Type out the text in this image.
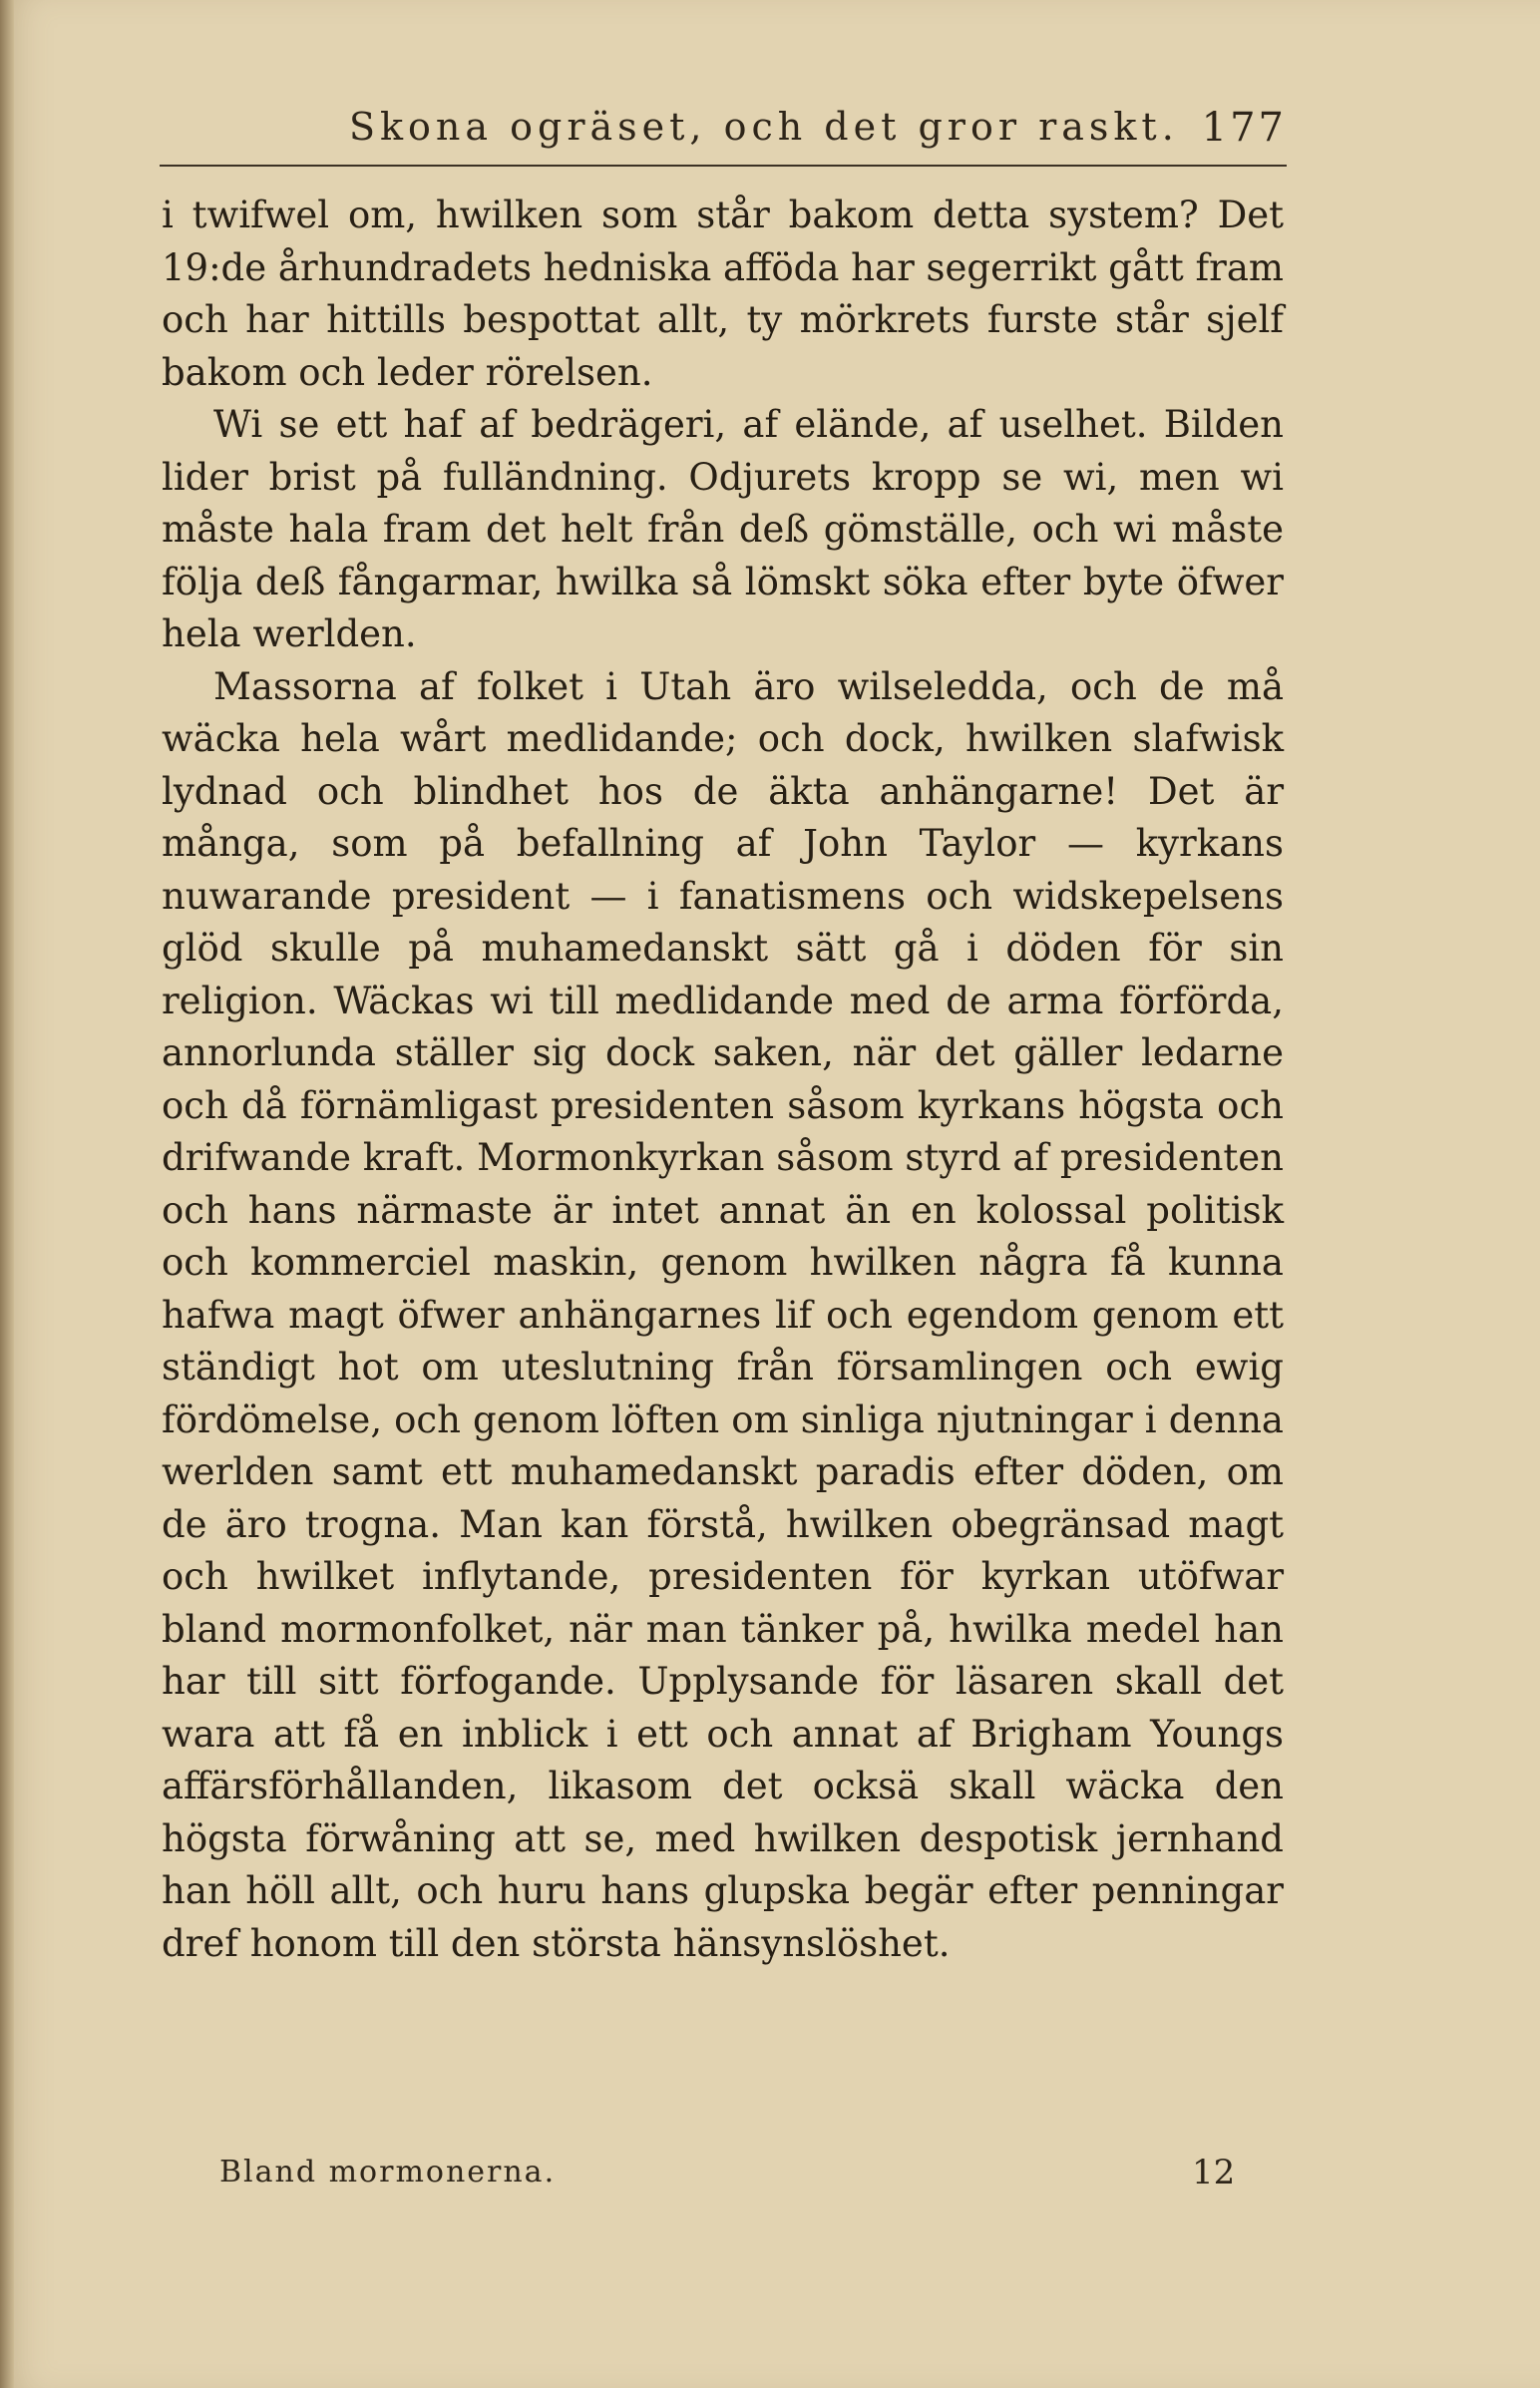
Skona ogräset, och det gror raskt. 177

i twifwel om, hwilken som står bakom detta system? Det 19:de århundradets hedniska afföda har segerrikt gått fram och har hittills bespottat allt, ty mörkrets furste står sjelf bakom och leder rörelsen.

Wi se ett haf af bedrägeri, af elände, af uselhet. Bilden lider brist på fulländning. Odjurets kropp se wi, men wi måste hala fram det helt från deß gömställe, och wi måste följa deß fångarmar, hwilka så lömskt söka efter byte öfwer hela werlden.

Massorna af folket i Utah äro wilseledda, och de må wäcka hela wårt medlidande; och dock, hwilken slafwisk lydnad och blindhet hos de äkta anhängarne! Det är många, som på befallning af John Taylor — kyrkans nuwarande president — i fanatismens och widskepelsens glöd skulle på muhamedanskt sätt gå i döden för sin religion. Wäckas wi till medlidande med de arma förförda, annorlunda ställer sig dock saken, när det gäller ledarne och då förnämligast presidenten såsom kyrkans högsta och drifwande kraft. Mormonkyrkan såsom styrd af presidenten och hans närmaste är intet annat än en kolossal politisk och kommerciel maskin, genom hwilken några få kunna hafwa magt öfwer anhängarnes lif och egendom genom ett ständigt hot om uteslutning från församlingen och ewig fördömelse, och genom löften om sinliga njutningar i denna werlden samt ett muhamedanskt paradis efter döden, om de äro trogna. Man kan förstå, hwilken obegränsad magt och hwilket inflytande, presidenten för kyrkan utöfwar bland mormonfolket, när man tänker på, hwilka medel han har till sitt förfogande. Upplysande för läsaren skall det wara att få en inblick i ett och annat af Brigham Youngs affärsförhållanden, likasom det ocksä skall wäcka den högsta förwåning att se, med hwilken despotisk jernhand han höll allt, och huru hans glupska begär efter penningar dref honom till den största hänsynslöshet.

Bland mormonerna.	12
